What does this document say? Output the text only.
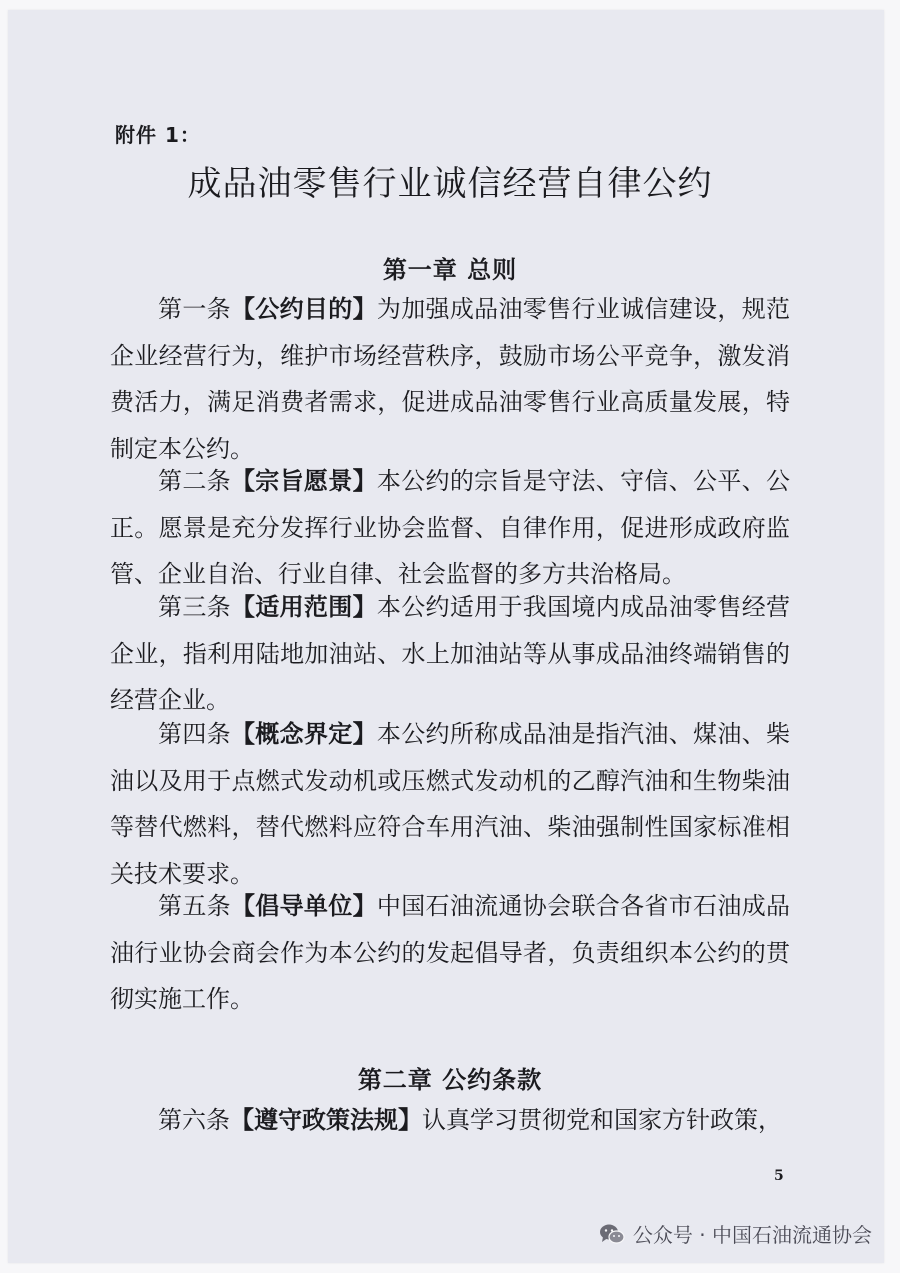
附件 1：
成品油零售行业诚信经营自律公约
第一章 总则

第一条【公约目的】为加强成品油零售行业诚信建设，规范企业经营行为，维护市场经营秩序，鼓励市场公平竞争，激发消费活力，满足消费者需求，促进成品油零售行业高质量发展，特制定本公约。

第二条【宗旨愿景】本公约的宗旨是守法、守信、公平、公正。愿景是充分发挥行业协会监督、自律作用，促进形成政府监管、企业自治、行业自律、社会监督的多方共治格局。

第三条【适用范围】本公约适用于我国境内成品油零售经营企业，指利用陆地加油站、水上加油站等从事成品油终端销售的经营企业。

第四条【概念界定】本公约所称成品油是指汽油、煤油、柴油以及用于点燃式发动机或压燃式发动机的乙醇汽油和生物柴油等替代燃料，替代燃料应符合车用汽油、柴油强制性国家标准相关技术要求。

第五条【倡导单位】中国石油流通协会联合各省市石油成品油行业协会商会作为本公约的发起倡导者，负责组织本公约的贯彻实施工作。

第二章 公约条款

第六条【遵守政策法规】认真学习贯彻党和国家方针政策，

5
公众号 · 中国石油流通协会
